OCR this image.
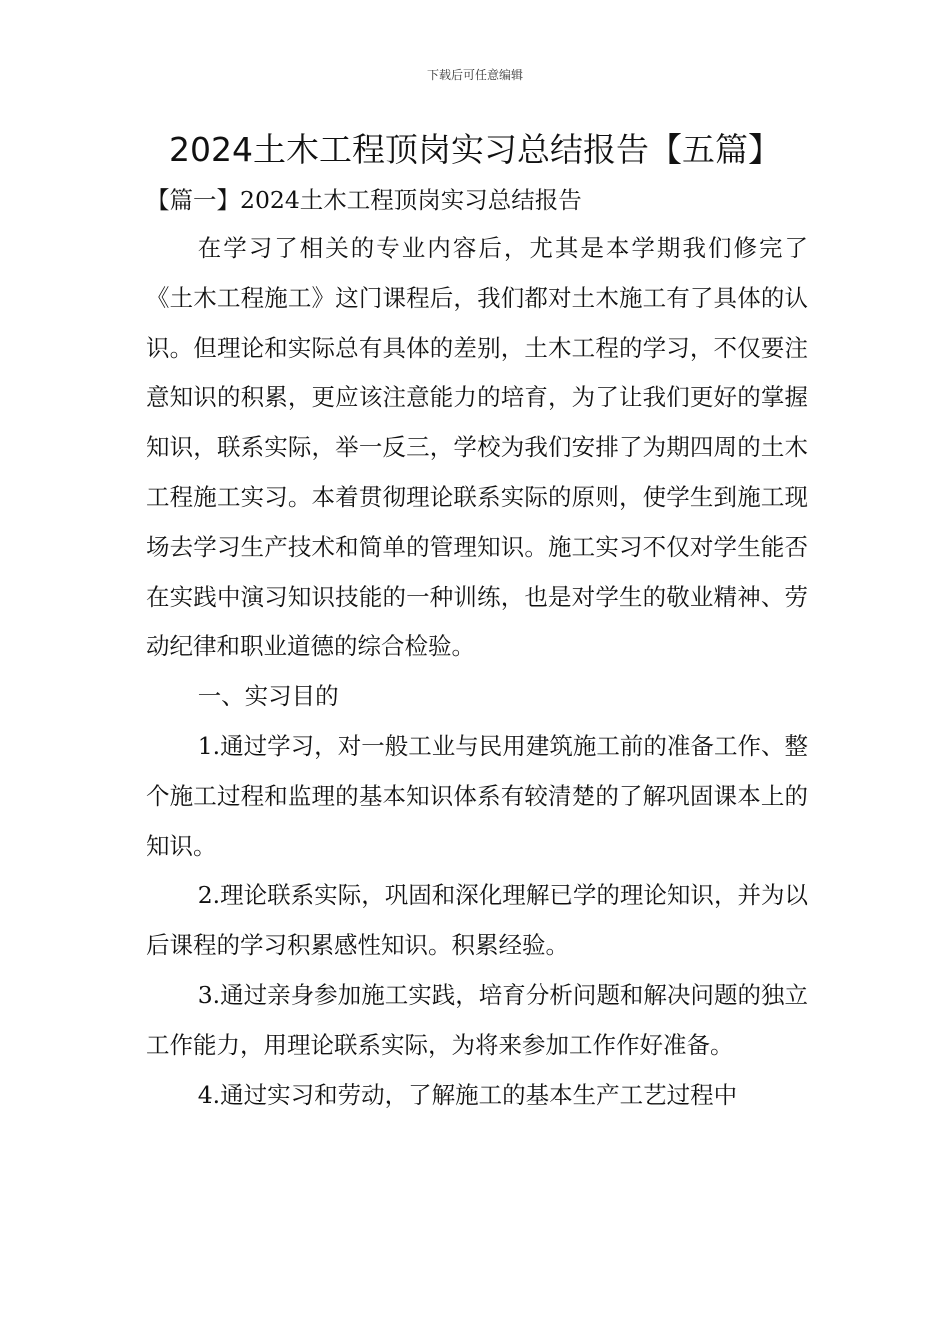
下载后可任意编辑
2024土木工程顶岗实习总结报告【五篇】
【篇一】2024土木工程顶岗实习总结报告

在学习了相关的专业内容后，尤其是本学期我们修完了《土木工程施工》这门课程后，我们都对土木施工有了具体的认识。但理论和实际总有具体的差别，土木工程的学习，不仅要注意知识的积累，更应该注意能力的培育，为了让我们更好的掌握知识，联系实际，举一反三，学校为我们安排了为期四周的土木工程施工实习。本着贯彻理论联系实际的原则，使学生到施工现场去学习生产技术和简单的管理知识。施工实习不仅对学生能否在实践中演习知识技能的一种训练，也是对学生的敬业精神、劳动纪律和职业道德的综合检验。

一、实习目的

1.通过学习，对一般工业与民用建筑施工前的准备工作、整个施工过程和监理的基本知识体系有较清楚的了解巩固课本上的知识。

2.理论联系实际，巩固和深化理解已学的理论知识，并为以后课程的学习积累感性知识。积累经验。

3.通过亲身参加施工实践，培育分析问题和解决问题的独立工作能力，用理论联系实际，为将来参加工作作好准备。

4.通过实习和劳动，了解施工的基本生产工艺过程中
